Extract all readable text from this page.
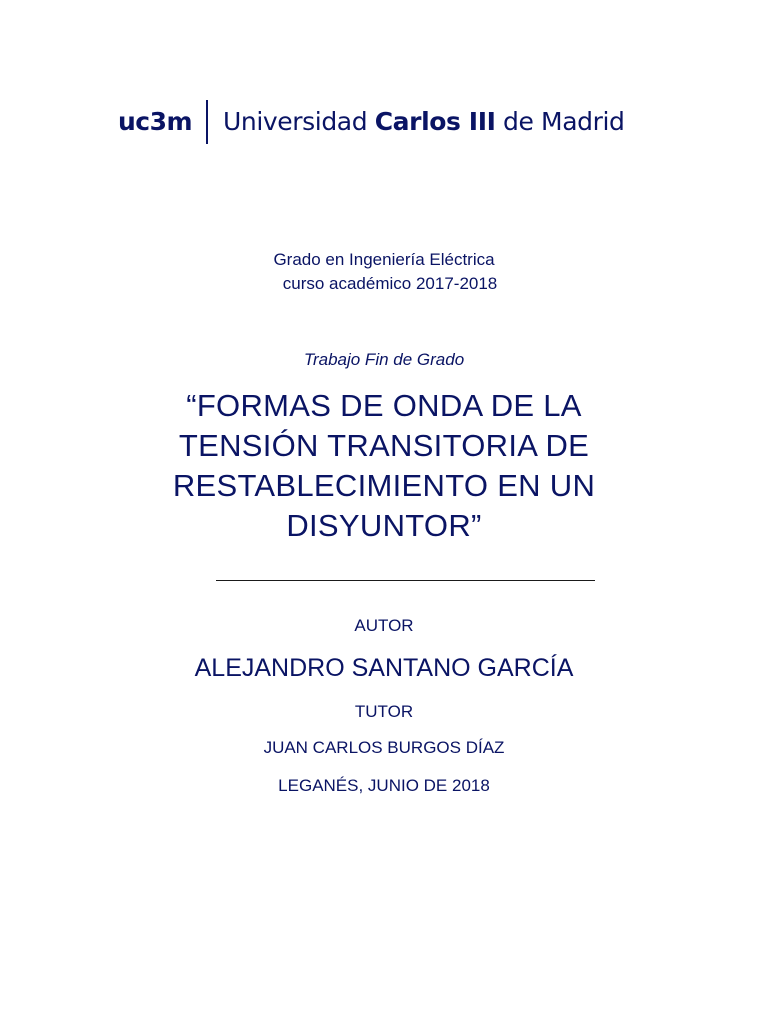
uc3m Universidad Carlos III de Madrid
Grado en Ingeniería Eléctrica
curso académico 2017-2018
Trabajo Fin de Grado
“FORMAS DE ONDA DE LA
TENSIÓN TRANSITORIA DE
RESTABLECIMIENTO EN UN
DISYUNTOR”
AUTOR
ALEJANDRO SANTANO GARCÍA
TUTOR
JUAN CARLOS BURGOS DÍAZ
LEGANÉS, JUNIO DE 2018
